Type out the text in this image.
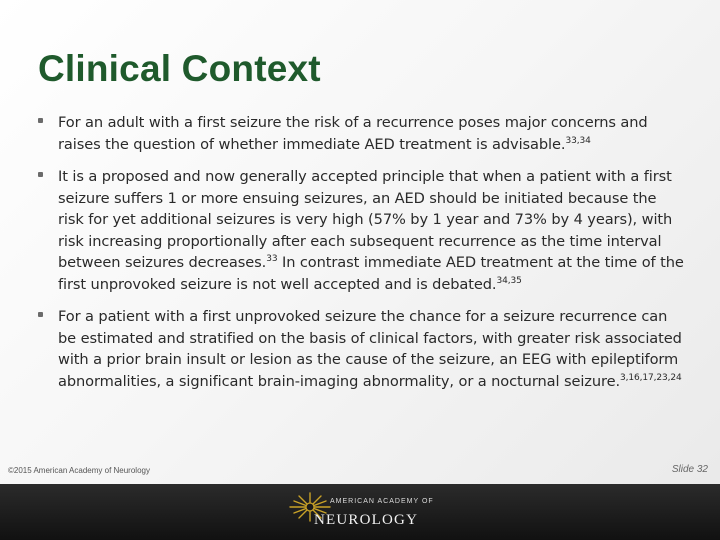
Clinical Context
For an adult with a first seizure the risk of a recurrence poses major concerns and raises the question of whether immediate AED treatment is advisable.$^{33,34}$
It is a proposed and now generally accepted principle that when a patient with a first seizure suffers 1 or more ensuing seizures, an AED should be initiated because the risk for yet additional seizures is very high (57% by 1 year and 73% by 4 years), with risk increasing proportionally after each subsequent recurrence as the time interval between seizures decreases.$^{33}$ In contrast immediate AED treatment at the time of the first unprovoked seizure is not well accepted and is debated.$^{34,35}$
For a patient with a first unprovoked seizure the chance for a seizure recurrence can be estimated and stratified on the basis of clinical factors, with greater risk associated with a prior brain insult or lesion as the cause of the seizure, an EEG with epileptiform abnormalities, a significant brain-imaging abnormality, or a nocturnal seizure.$^{3,16,17,23,24}$
©2015 American Academy of Neurology	Slide 32
AMERICAN ACADEMY OF
NEUROLOGY
